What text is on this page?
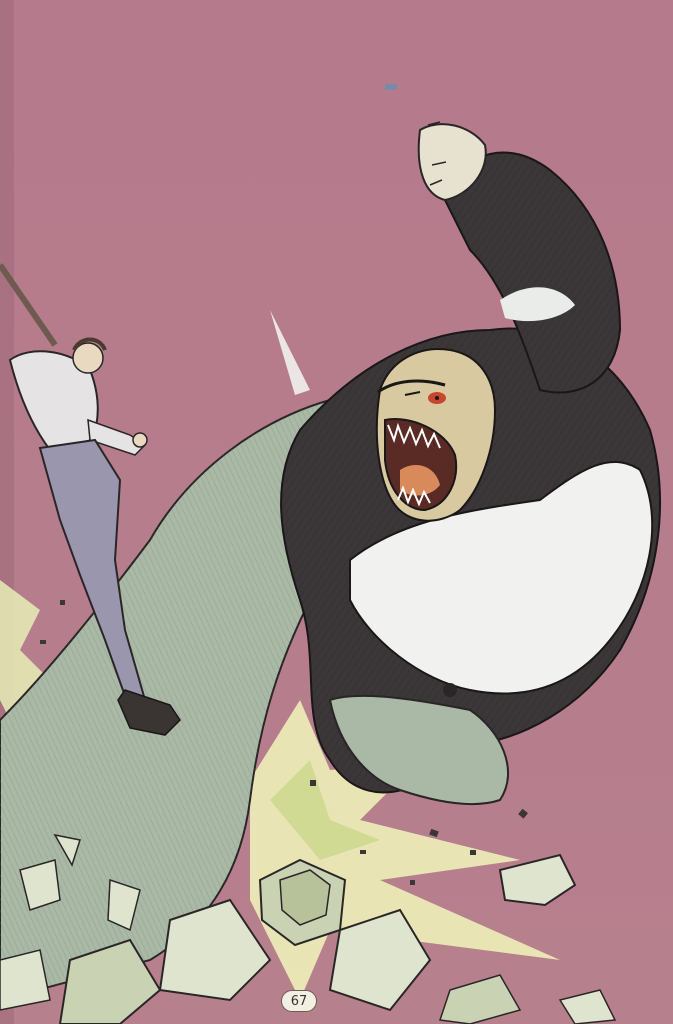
67
